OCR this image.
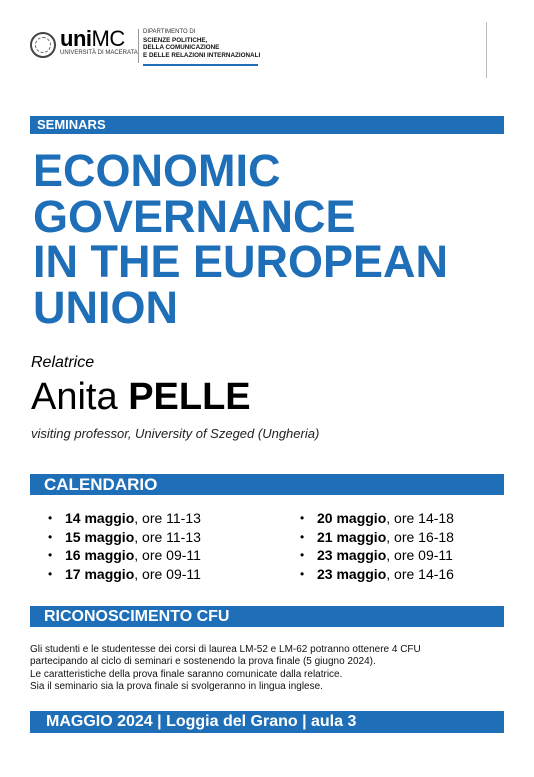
uniMC
UNIVERSITÀ DI MACERATA
DIPARTIMENTO DI
SCIENZE POLITICHE,
DELLA COMUNICAZIONE
E DELLE RELAZIONI INTERNAZIONALI
SEMINARS
ECONOMIC
GOVERNANCE
IN THE EUROPEAN
UNION
Relatrice
Anita PELLE
visiting professor, University of Szeged (Ungheria)
CALENDARIO
• 14 maggio, ore 11-13
• 15 maggio, ore 11-13
• 16 maggio, ore 09-11
• 17 maggio, ore 09-11
• 20 maggio, ore 14-18
• 21 maggio, ore 16-18
• 23 maggio, ore 09-11
• 23 maggio, ore 14-16
RICONOSCIMENTO CFU
Gli studenti e le studentesse dei corsi di laurea LM-52 e LM-62 potranno ottenere 4 CFU
partecipando al ciclo di seminari e sostenendo la prova finale (5 giugno 2024).
Le caratteristiche della prova finale saranno comunicate dalla relatrice.
Sia il seminario sia la prova finale si svolgeranno in lingua inglese.
MAGGIO 2024 | Loggia del Grano | aula 3
